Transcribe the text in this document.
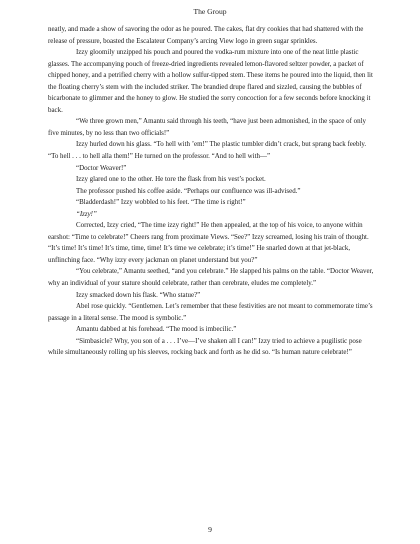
The Group

neatly, and made a show of savoring the odor as he poured. The cakes, flat dry cookies that had shattered with the release of pressure, boasted the Escalateur Company’s arcing View logo in green sugar sprinkles.

Izzy gloomily unzipped his pouch and poured the vodka-rum mixture into one of the neat little plastic glasses. The accompanying pouch of freeze-dried ingredients revealed lemon-flavored seltzer powder, a packet of chipped honey, and a petrified cherry with a hollow sulfur-tipped stem. These items he poured into the liquid, then lit the floating cherry’s stem with the included striker. The brandied drupe flared and sizzled, causing the bubbles of bicarbonate to glimmer and the honey to glow. He studied the sorry concoction for a few seconds before knocking it back.

“We three grown men,” Amantu said through his teeth, “have just been admonished, in the space of only five minutes, by no less than two officials!”

Izzy hurled down his glass. “To hell with ’em!” The plastic tumbler didn’t crack, but sprang back feebly. “To hell . . . to hell alla them!” He turned on the professor. “And to hell with—”

“Doctor Weaver!”

Izzy glared one to the other. He tore the flask from his vest’s pocket.

The professor pushed his coffee aside. “Perhaps our confluence was ill-advised.”

“Bladderdash!” Izzy wobbled to his feet. “The time is right!”

“Izzy!”

Corrected, Izzy cried, “The time izzy right!” He then appealed, at the top of his voice, to anyone within earshot: “Time to celebrate!” Cheers rang from proximate Views. “See?” Izzy screamed, losing his train of thought. “It’s time! It’s time! It’s time, time, time! It’s time we celebrate; it’s time!” He snarled down at that jet-black, unflinching face. “Why izzy every jackman on planet understand but you?”

“You celebrate,” Amantu seethed, “and you celebrate.” He slapped his palms on the table. “Doctor Weaver, why an individual of your stature should celebrate, rather than cerebrate, eludes me completely.”

Izzy smacked down his flask. “Who statue?”

Abel rose quickly. “Gentlemen. Let’s remember that these festivities are not meant to commemorate time’s passage in a literal sense. The mood is symbolic.”

Amantu dabbed at his forehead. “The mood is imbecilic.”

“Simbasicle? Why, you son of a . . . I’ve—I’ve shaken all I can!” Izzy tried to achieve a pugilistic pose while simultaneously rolling up his sleeves, rocking back and forth as he did so. “Is human nature celebrate!”

9
